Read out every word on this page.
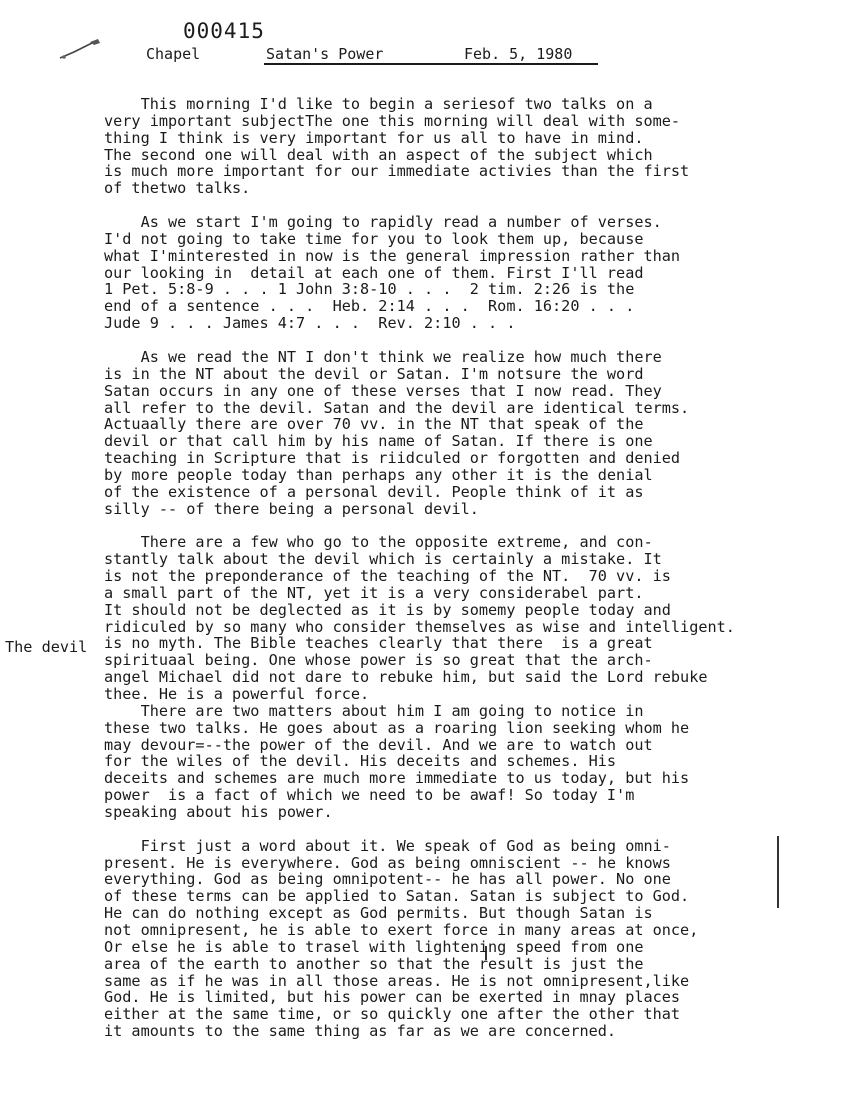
000415
Chapel	Satan's Power	Feb. 5, 1980
The devil
This morning I'd like to begin a seriesof two talks on a
very important subjectThe one this morning will deal with some-
thing I think is very important for us all to have in mind.
The second one will deal with an aspect of the subject which
is much more important for our immediate activies than the first
of thetwo talks.
As we start I'm going to rapidly read a number of verses.
I'd not going to take time for you to look them up, because
what I'minterested in now is the general impression rather than
our looking in  detail at each one of them. First I'll read
1 Pet. 5:8-9 . . . 1 John 3:8-10 . . .  2 tim. 2:26 is the
end of a sentence . . .  Heb. 2:14 . . .  Rom. 16:20 . . .
Jude 9 . . . James 4:7 . . .  Rev. 2:10 . . .
As we read the NT I don't think we realize how much there
is in the NT about the devil or Satan. I'm notsure the word
Satan occurs in any one of these verses that I now read. They
all refer to the devil. Satan and the devil are identical terms.
Actuaally there are over 70 vv. in the NT that speak of the
devil or that call him by his name of Satan. If there is one
teaching in Scripture that is riidculed or forgotten and denied
by more people today than perhaps any other it is the denial
of the existence of a personal devil. People think of it as
silly -- of there being a personal devil.
There are a few who go to the opposite extreme, and con-
stantly talk about the devil which is certainly a mistake. It
is not the preponderance of the teaching of the NT.  70 vv. is
a small part of the NT, yet it is a very considerabel part.
It should not be deglected as it is by somemy people today and
ridiculed by so many who consider themselves as wise and intelligent.
is no myth. The Bible teaches clearly that there  is a great
spirituaal being. One whose power is so great that the arch-
angel Michael did not dare to rebuke him, but said the Lord rebuke
thee. He is a powerful force.
There are two matters about him I am going to notice in
these two talks. He goes about as a roaring lion seeking whom he
may devour=--the power of the devil. And we are to watch out
for the wiles of the devil. His deceits and schemes. His
deceits and schemes are much more immediate to us today, but his
power  is a fact of which we need to be awaf! So today I'm
speaking about his power.
First just a word about it. We speak of God as being omni-
present. He is everywhere. God as being omniscient -- he knows
everything. God as being omnipotent-- he has all power. No one
of these terms can be applied to Satan. Satan is subject to God.
He can do nothing except as God permits. But though Satan is
not omnipresent, he is able to exert force in many areas at once,
Or else he is able to trasel with lightening speed from one
area of the earth to another so that the result is just the
same as if he was in all those areas. He is not omnipresent,like
God. He is limited, but his power can be exerted in mnay places
either at the same time, or so quickly one after the other that
it amounts to the same thing as far as we are concerned.
